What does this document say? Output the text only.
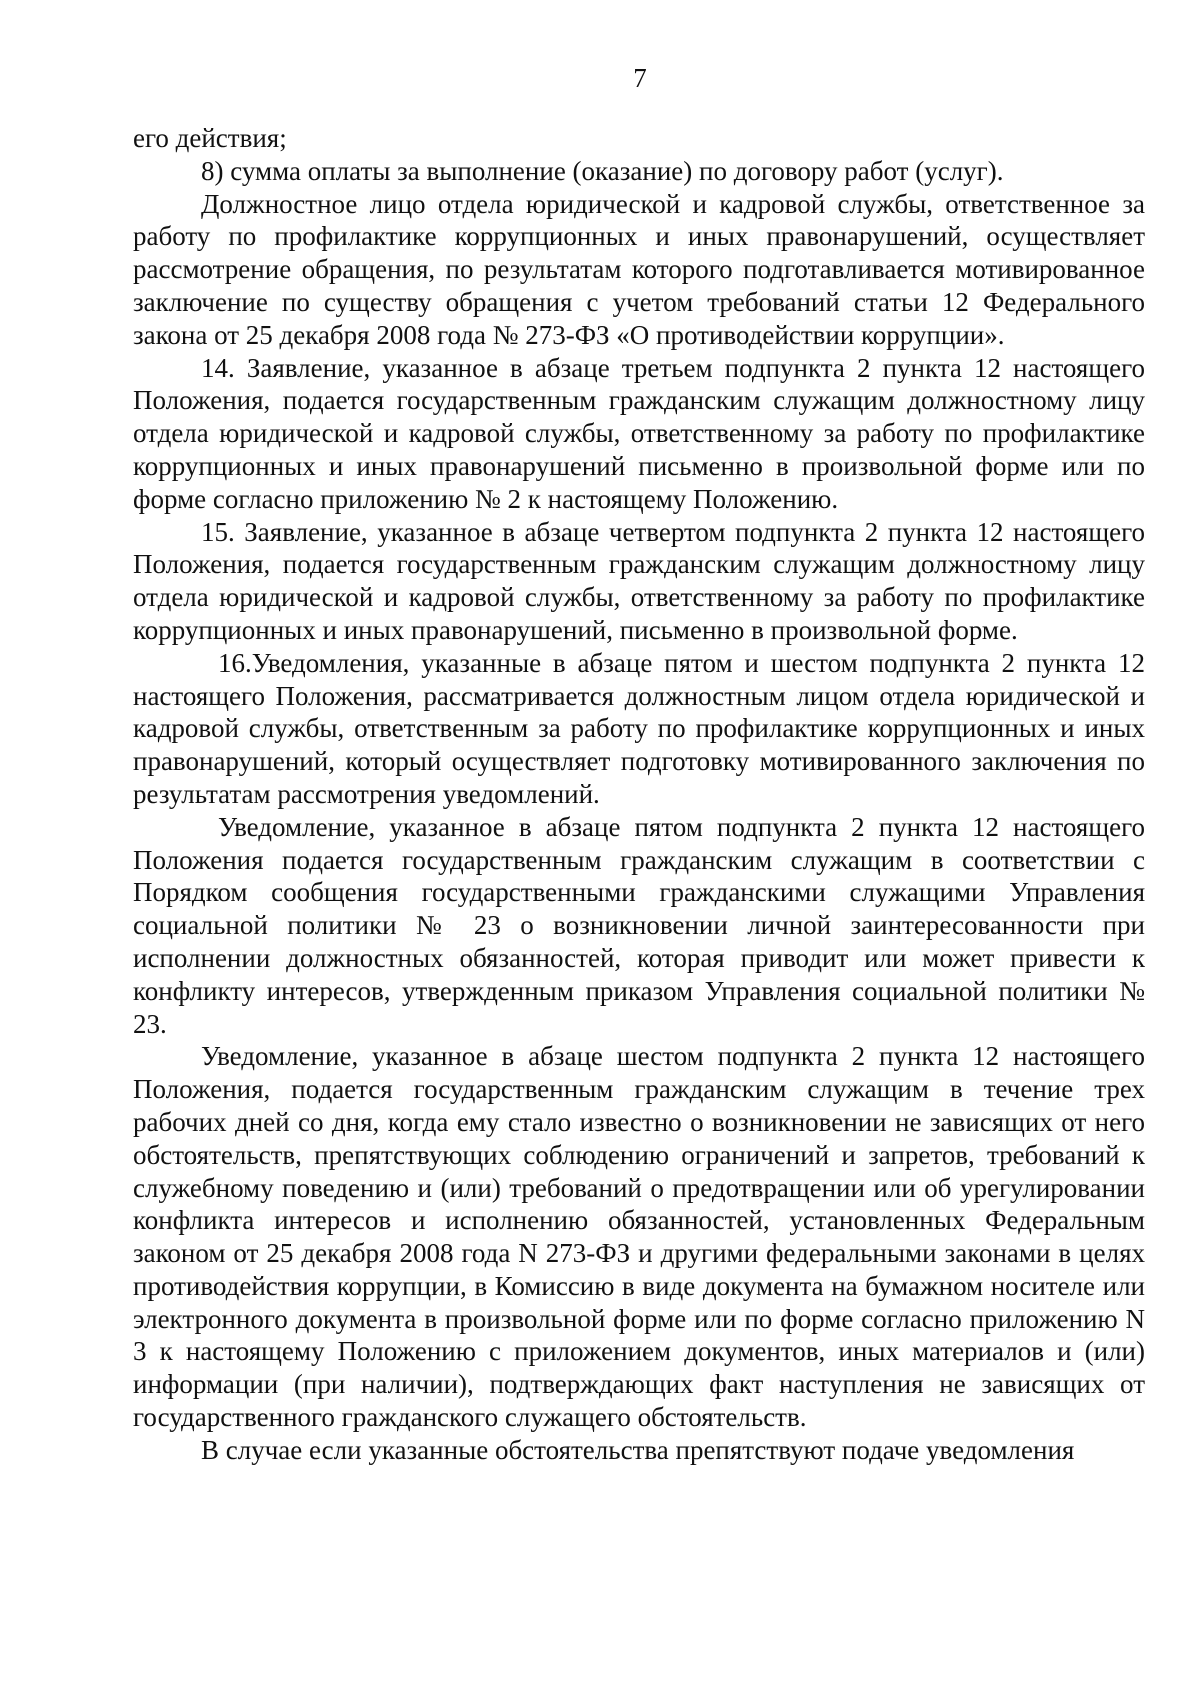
7

его действия;

8) сумма оплаты за выполнение (оказание) по договору работ (услуг).

Должностное лицо отдела юридической и кадровой службы, ответственное за работу по профилактике коррупционных и иных правонарушений, осуществляет рассмотрение обращения, по результатам которого подготавливается мотивированное заключение по существу обращения с учетом требований статьи 12 Федерального закона от 25 декабря 2008 года № 273-ФЗ «О противодействии коррупции».

14. Заявление, указанное в абзаце третьем подпункта 2 пункта 12 настоящего Положения, подается государственным гражданским служащим должностному лицу отдела юридической и кадровой службы, ответственному за работу по профилактике коррупционных и иных правонарушений письменно в произвольной форме или по форме согласно приложению № 2 к настоящему Положению.

15. Заявление, указанное в абзаце четвертом подпункта 2 пункта 12 настоящего Положения, подается государственным гражданским служащим должностному лицу отдела юридической и кадровой службы, ответственному за работу по профилактике коррупционных и иных правонарушений, письменно в произвольной форме.

16.Уведомления, указанные в абзаце пятом и шестом подпункта 2 пункта 12 настоящего Положения, рассматривается должностным лицом отдела юридической и кадровой службы, ответственным за работу по профилактике коррупционных и иных правонарушений, который осуществляет подготовку мотивированного заключения по результатам рассмотрения уведомлений.

Уведомление, указанное в абзаце пятом подпункта 2 пункта 12 настоящего Положения подается государственным гражданским служащим в соответствии с Порядком сообщения государственными гражданскими служащими Управления социальной политики № 23 о возникновении личной заинтересованности при исполнении должностных обязанностей, которая приводит или может привести к конфликту интересов, утвержденным приказом Управления социальной политики № 23.

Уведомление, указанное в абзаце шестом подпункта 2 пункта 12 настоящего Положения, подается государственным гражданским служащим в течение трех рабочих дней со дня, когда ему стало известно о возникновении не зависящих от него обстоятельств, препятствующих соблюдению ограничений и запретов, требований к служебному поведению и (или) требований о предотвращении или об урегулировании конфликта интересов и исполнению обязанностей, установленных Федеральным законом от 25 декабря 2008 года N 273-ФЗ и другими федеральными законами в целях противодействия коррупции, в Комиссию в виде документа на бумажном носителе или электронного документа в произвольной форме или по форме согласно приложению N 3 к настоящему Положению с приложением документов, иных материалов и (или) информации (при наличии), подтверждающих факт наступления не зависящих от государственного гражданского служащего обстоятельств.

В случае если указанные обстоятельства препятствуют подаче уведомления
